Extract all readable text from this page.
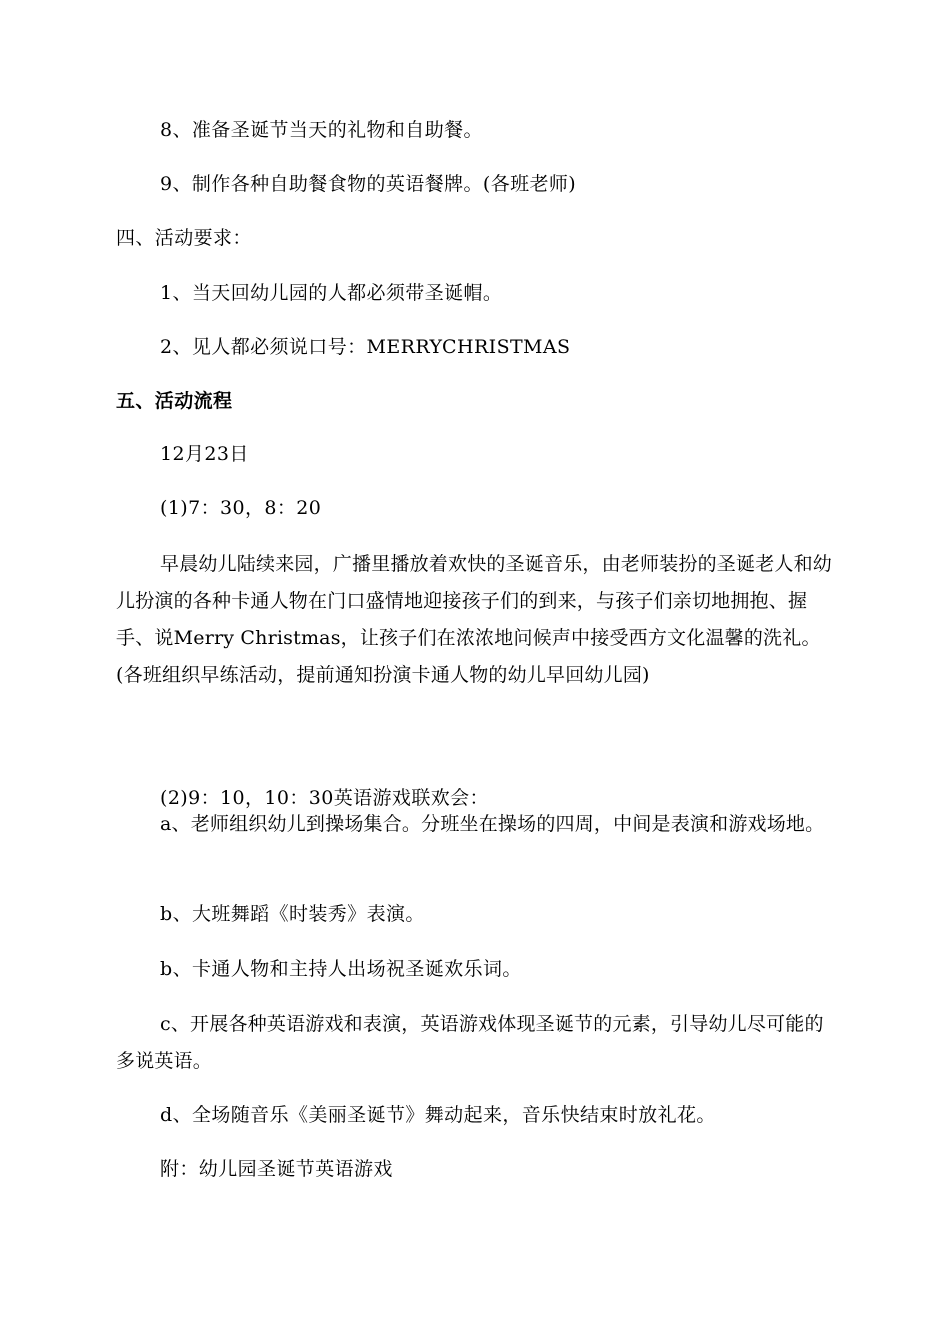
8、准备圣诞节当天的礼物和自助餐。
9、制作各种自助餐食物的英语餐牌。(各班老师)
四、活动要求：
1、当天回幼儿园的人都必须带圣诞帽。
2、见人都必须说口号：MERRYCHRISTMAS
五、活动流程
12月23日
(1)7：30，8：20

早晨幼儿陆续来园，广播里播放着欢快的圣诞音乐，由老师装扮的圣诞老人和幼儿扮演的各种卡通人物在门口盛情地迎接孩子们的到来，与孩子们亲切地拥抱、握手、说Merry Christmas，让孩子们在浓浓地问候声中接受西方文化温馨的洗礼。 (各班组织早练活动，提前通知扮演卡通人物的幼儿早回幼儿园)

(2)9：10，10：30英语游戏联欢会：

a、老师组织幼儿到操场集合。分班坐在操场的四周，中间是表演和游戏场地。

b、大班舞蹈《时装秀》表演。
b、卡通人物和主持人出场祝圣诞欢乐词。

c、开展各种英语游戏和表演，英语游戏体现圣诞节的元素，引导幼儿尽可能的多说英语。

d、全场随音乐《美丽圣诞节》舞动起来，音乐快结束时放礼花。
附：幼儿园圣诞节英语游戏
